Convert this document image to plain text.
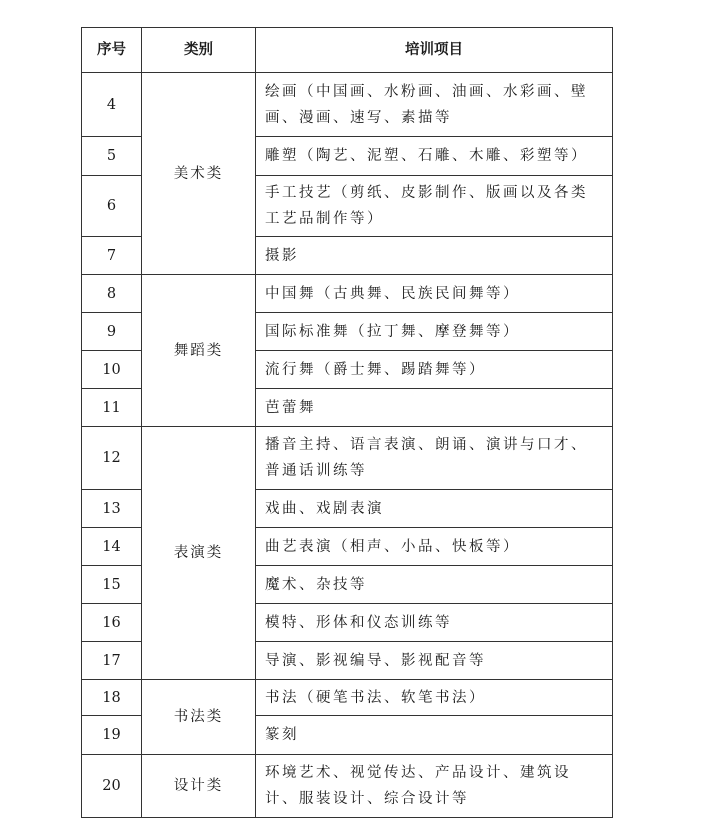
序号	类别	培训项目
4	美术类	绘画（中国画、水粉画、油画、水彩画、壁画、漫画、速写、素描等
5		雕塑（陶艺、泥塑、石雕、木雕、彩塑等）
6		手工技艺（剪纸、皮影制作、版画以及各类工艺品制作等）
7		摄影
8	舞蹈类	中国舞（古典舞、民族民间舞等）
9		国际标准舞（拉丁舞、摩登舞等）
10		流行舞（爵士舞、踢踏舞等）
11		芭蕾舞
12	表演类	播音主持、语言表演、朗诵、演讲与口才、普通话训练等
13		戏曲、戏剧表演
14		曲艺表演（相声、小品、快板等）
15		魔术、杂技等
16		模特、形体和仪态训练等
17		导演、影视编导、影视配音等
18	书法类	书法（硬笔书法、软笔书法）
19		篆刻
20	设计类	环境艺术、视觉传达、产品设计、建筑设计、服装设计、综合设计等
